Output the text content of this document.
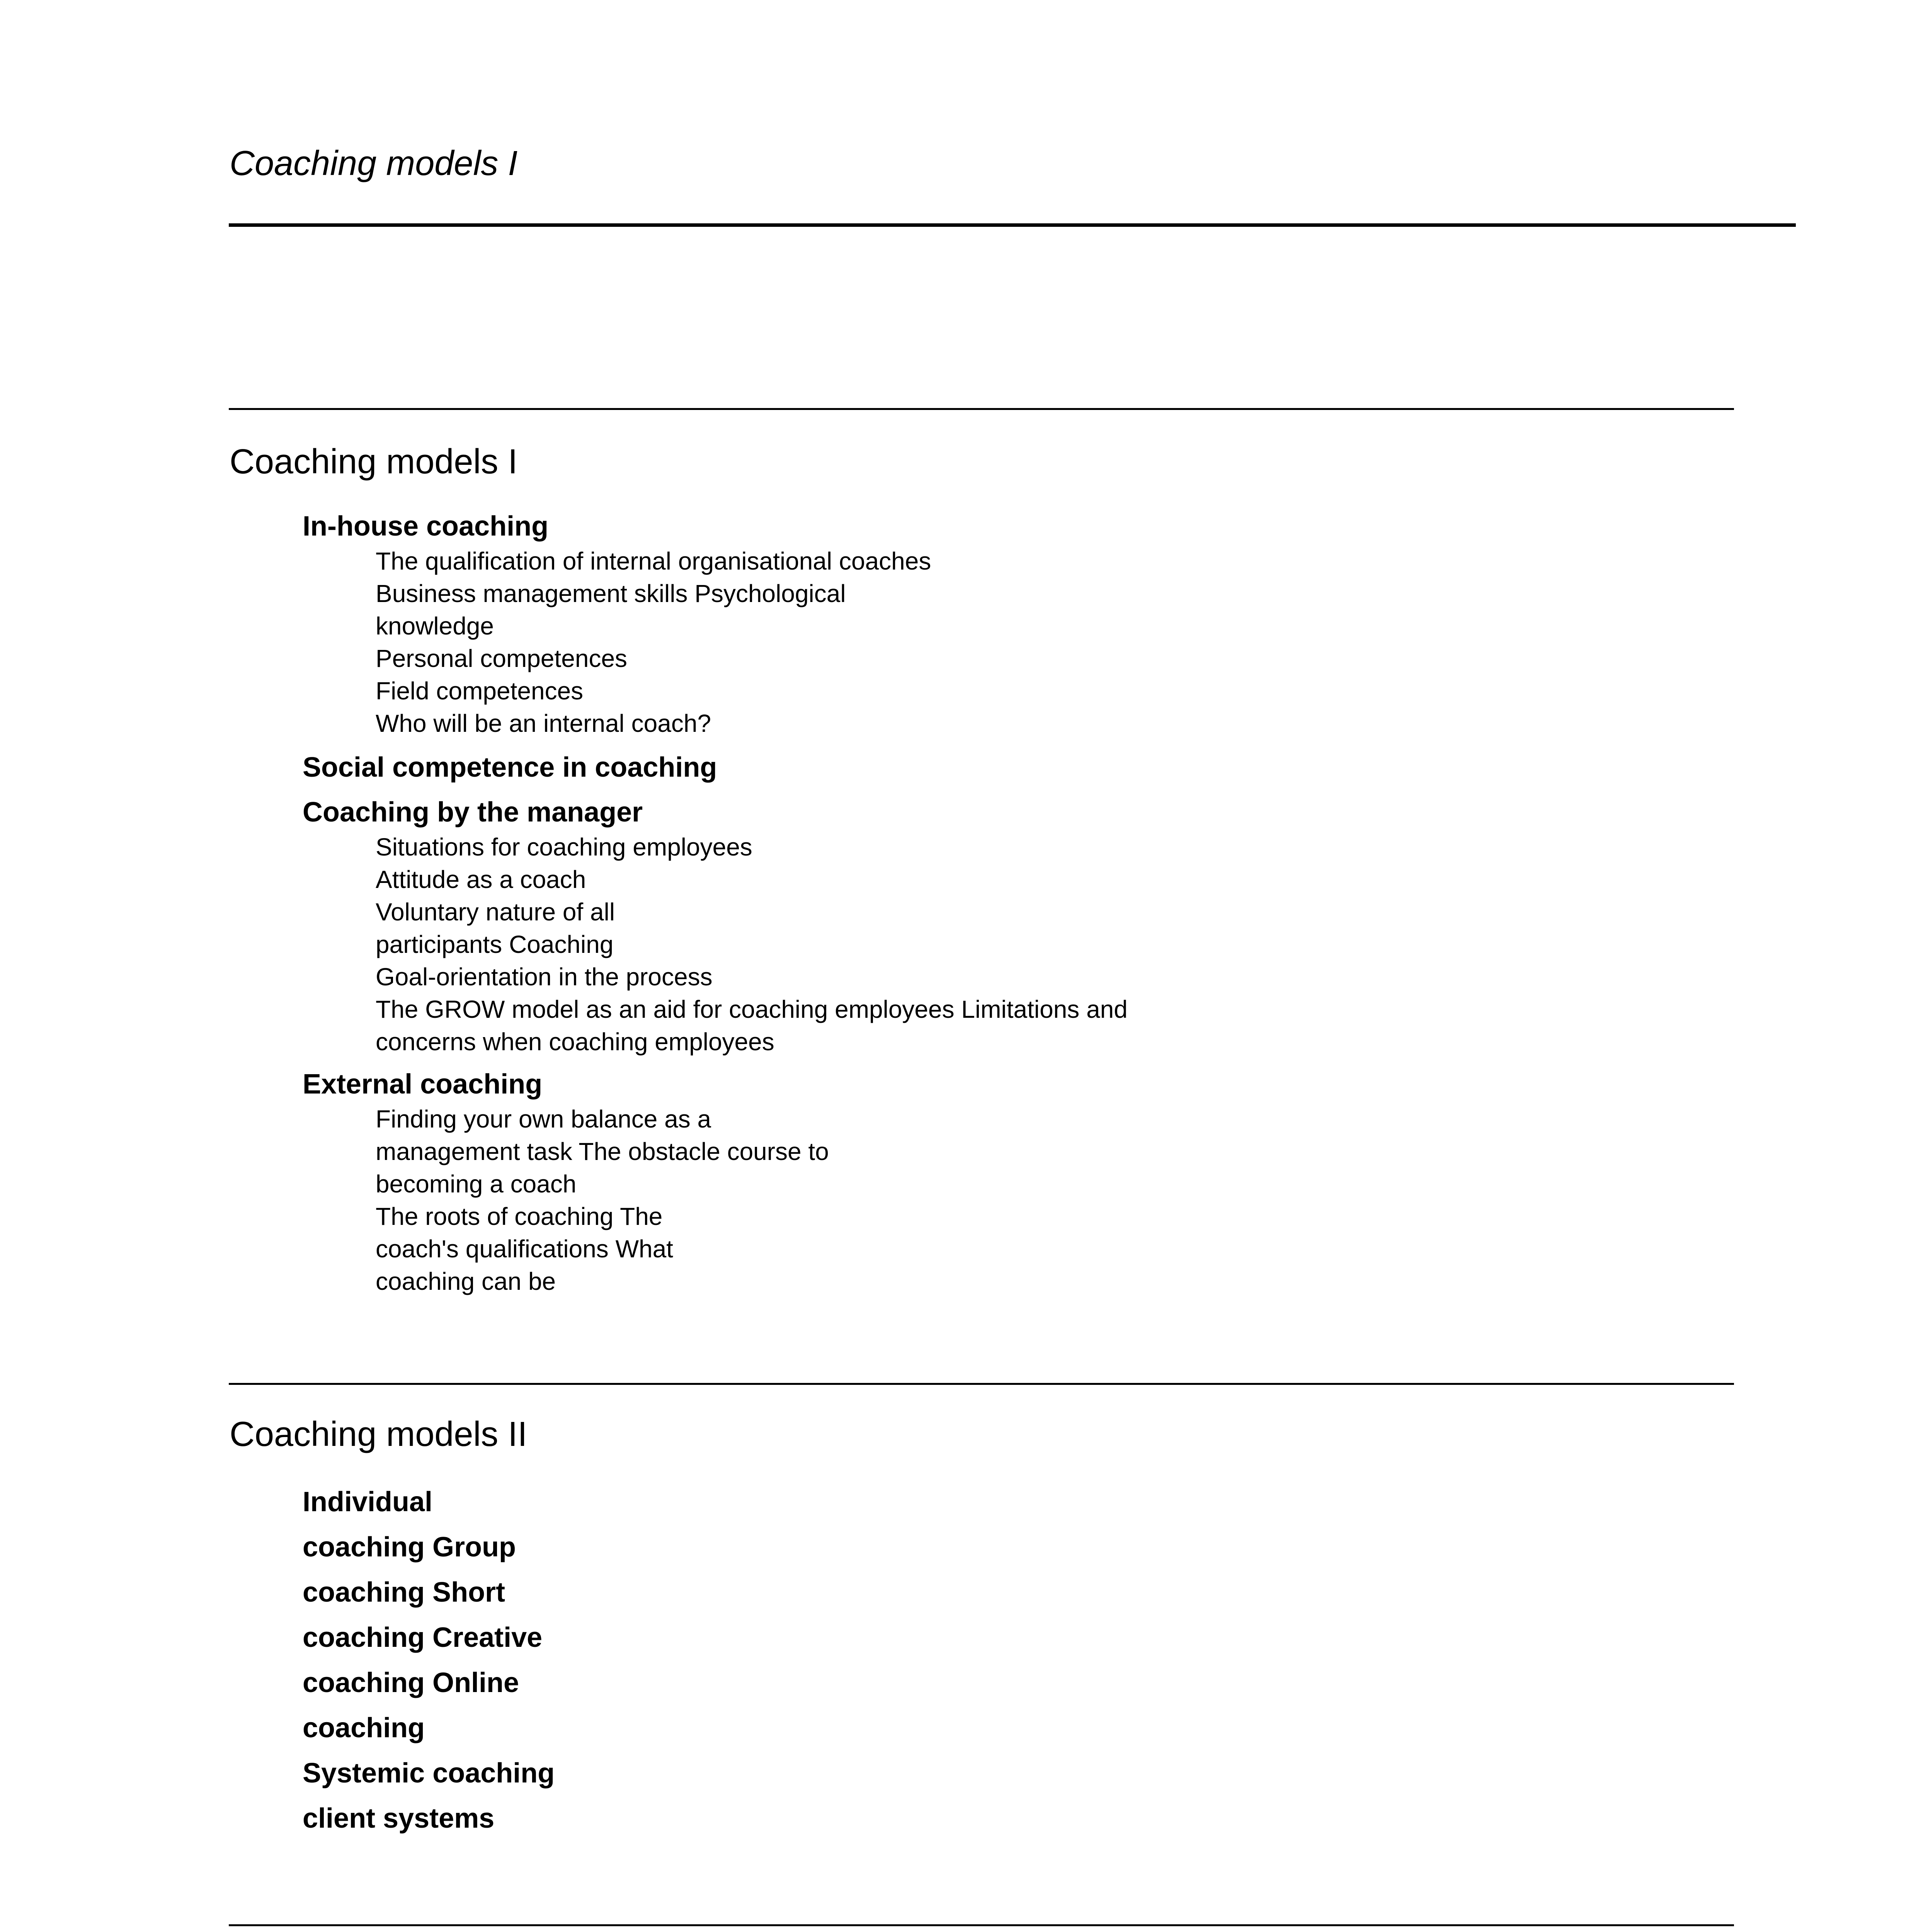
Coaching models I
Coaching models I
In-house coaching
The qualification of internal organisational coaches
Business management skills Psychological
knowledge
Personal competences
Field competences
Who will be an internal coach?
Social competence in coaching
Coaching by the manager
Situations for coaching employees
Attitude as a coach
Voluntary nature of all
participants Coaching
Goal-orientation in the process
The GROW model as an aid for coaching employees Limitations and
concerns when coaching employees
External coaching
Finding your own balance as a
management task The obstacle course to
becoming a coach
The roots of coaching The
coach's qualifications What
coaching can be
Coaching models II
Individual
coaching Group
coaching Short
coaching Creative
coaching Online
coaching
Systemic coaching
client systems
